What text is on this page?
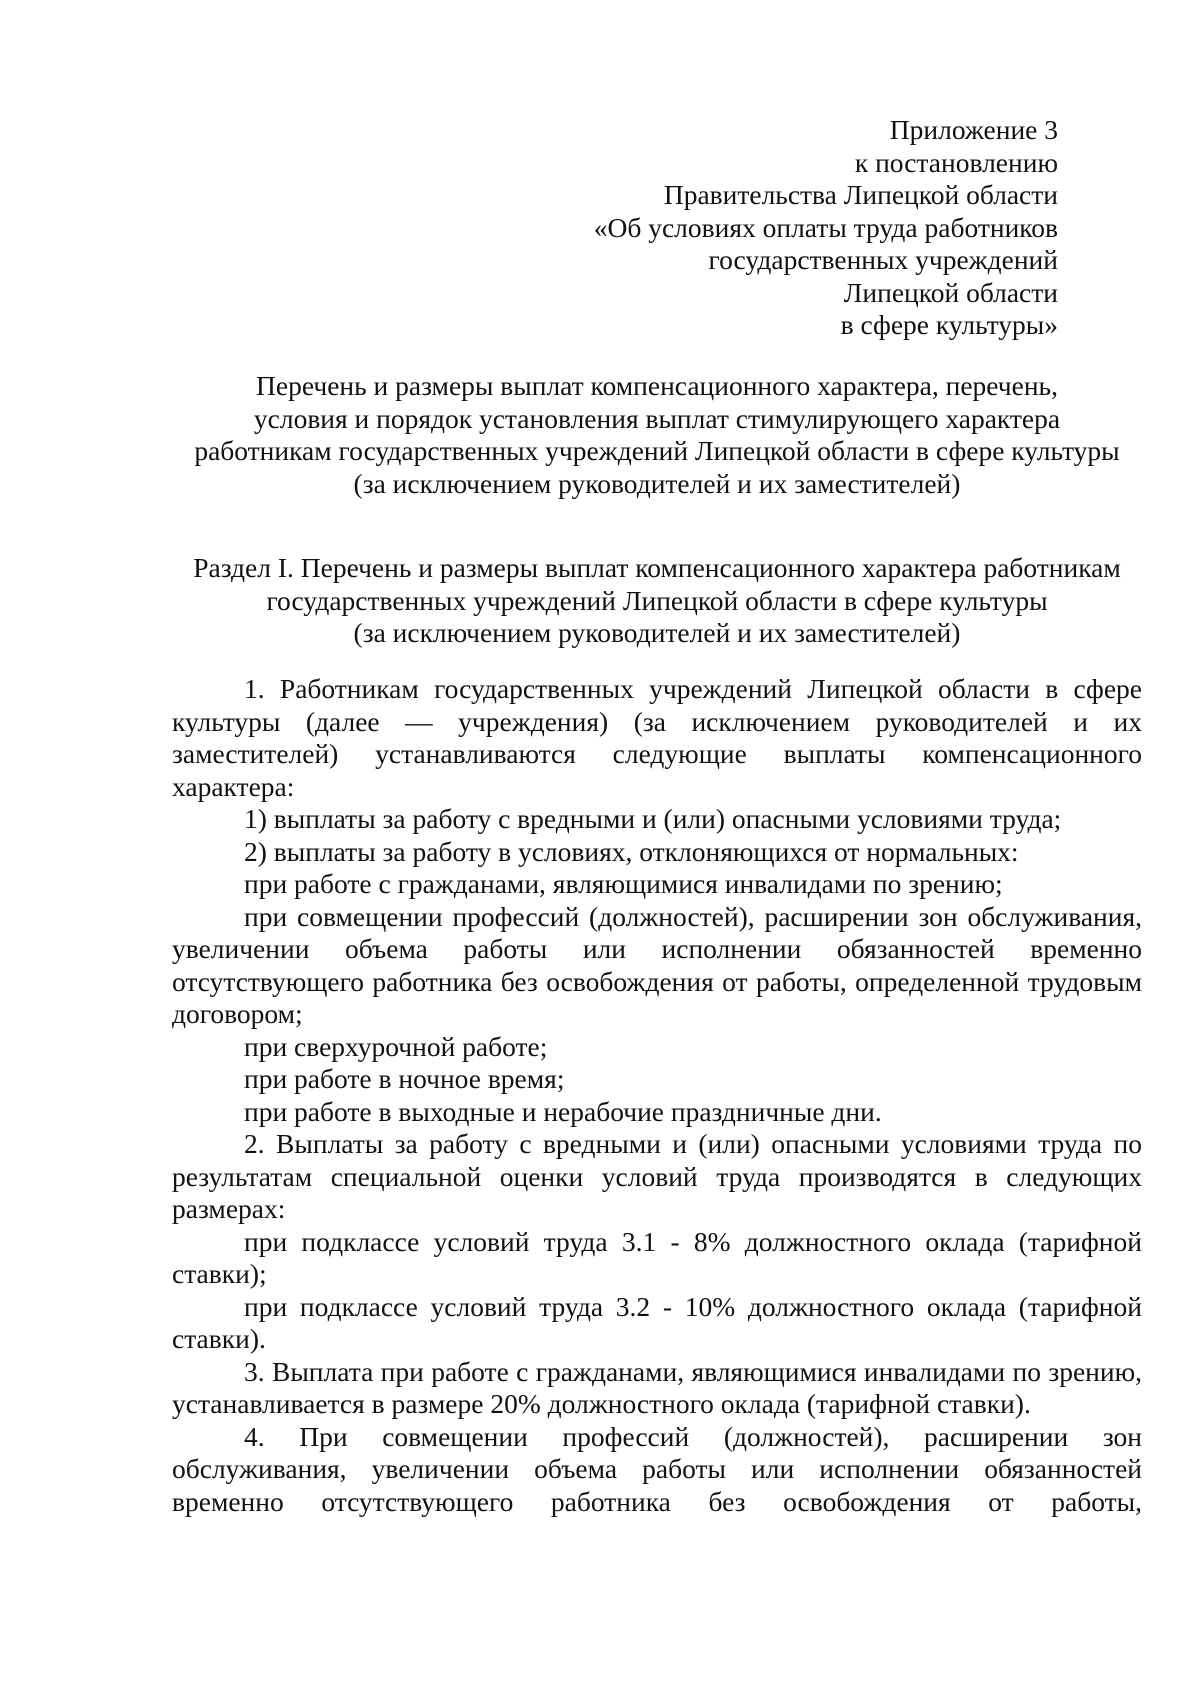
Приложение 3
к постановлению
Правительства Липецкой области
«Об условиях оплаты труда работников
государственных учреждений
Липецкой области
в сфере культуры»
Перечень и размеры выплат компенсационного характера, перечень,
условия и порядок установления выплат стимулирующего характера
работникам государственных учреждений Липецкой области в сфере культуры
(за исключением руководителей и их заместителей)
Раздел I. Перечень и размеры выплат компенсационного характера работникам
государственных учреждений Липецкой области в сфере культуры
(за исключением руководителей и их заместителей)

1. Работникам государственных учреждений Липецкой области в сфере культуры (далее — учреждения) (за исключением руководителей и их заместителей) устанавливаются следующие выплаты компенсационного характера:

1) выплаты за работу с вредными и (или) опасными условиями труда;

2) выплаты за работу в условиях, отклоняющихся от нормальных:

при работе с гражданами, являющимися инвалидами по зрению;

при совмещении профессий (должностей), расширении зон обслуживания, увеличении объема работы или исполнении обязанностей временно отсутствующего работника без освобождения от работы, определенной трудовым договором;

при сверхурочной работе;

при работе в ночное время;

при работе в выходные и нерабочие праздничные дни.

2. Выплаты за работу с вредными и (или) опасными условиями труда по результатам специальной оценки условий труда производятся в следующих размерах:

при подклассе условий труда 3.1 - 8% должностного оклада (тарифной ставки);

при подклассе условий труда 3.2 - 10% должностного оклада (тарифной ставки).

3. Выплата при работе с гражданами, являющимися инвалидами по зрению, устанавливается в размере 20% должностного оклада (тарифной ставки).

4. При совмещении профессий (должностей), расширении зон обслуживания, увеличении объема работы или исполнении обязанностей временно отсутствующего работника без освобождения от работы,
